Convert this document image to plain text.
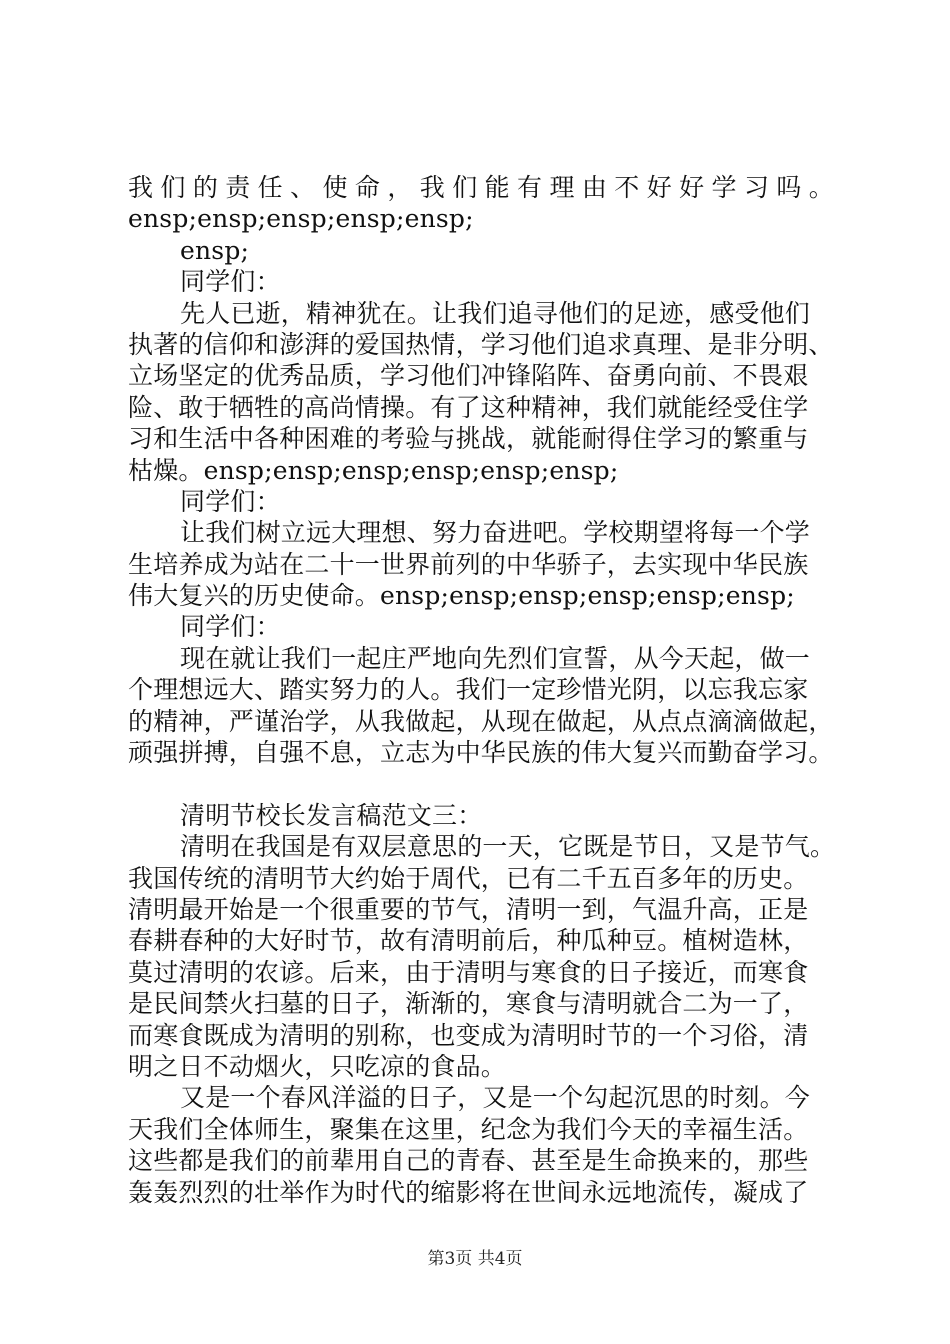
我们的责任、使命，我们能有理由不好好学习吗。
ensp;ensp;ensp;ensp;ensp;
ensp;
同学们：
先人已逝，精神犹在。让我们追寻他们的足迹，感受他们
执著的信仰和澎湃的爱国热情，学习他们追求真理、是非分明、
立场坚定的优秀品质，学习他们冲锋陷阵、奋勇向前、不畏艰
险、敢于牺牲的高尚情操。有了这种精神，我们就能经受住学
习和生活中各种困难的考验与挑战，就能耐得住学习的繁重与
枯燥。ensp;ensp;ensp;ensp;ensp;ensp;
同学们：
让我们树立远大理想、努力奋进吧。学校期望将每一个学
生培养成为站在二十一世界前列的中华骄子，去实现中华民族
伟大复兴的历史使命。ensp;ensp;ensp;ensp;ensp;ensp;
同学们：
现在就让我们一起庄严地向先烈们宣誓，从今天起，做一
个理想远大、踏实努力的人。我们一定珍惜光阴，以忘我忘家
的精神，严谨治学，从我做起，从现在做起，从点点滴滴做起，
顽强拼搏，自强不息，立志为中华民族的伟大复兴而勤奋学习。
清明节校长发言稿范文三：
清明在我国是有双层意思的一天，它既是节日，又是节气。
我国传统的清明节大约始于周代，已有二千五百多年的历史。
清明最开始是一个很重要的节气，清明一到，气温升高，正是
春耕春种的大好时节，故有清明前后，种瓜种豆。植树造林，
莫过清明的农谚。后来，由于清明与寒食的日子接近，而寒食
是民间禁火扫墓的日子，渐渐的，寒食与清明就合二为一了，
而寒食既成为清明的别称，也变成为清明时节的一个习俗，清
明之日不动烟火，只吃凉的食品。
又是一个春风洋溢的日子，又是一个勾起沉思的时刻。今
天我们全体师生，聚集在这里，纪念为我们今天的幸福生活。
这些都是我们的前辈用自己的青春、甚至是生命换来的，那些
轰轰烈烈的壮举作为时代的缩影将在世间永远地流传，凝成了
第3页 共4页
